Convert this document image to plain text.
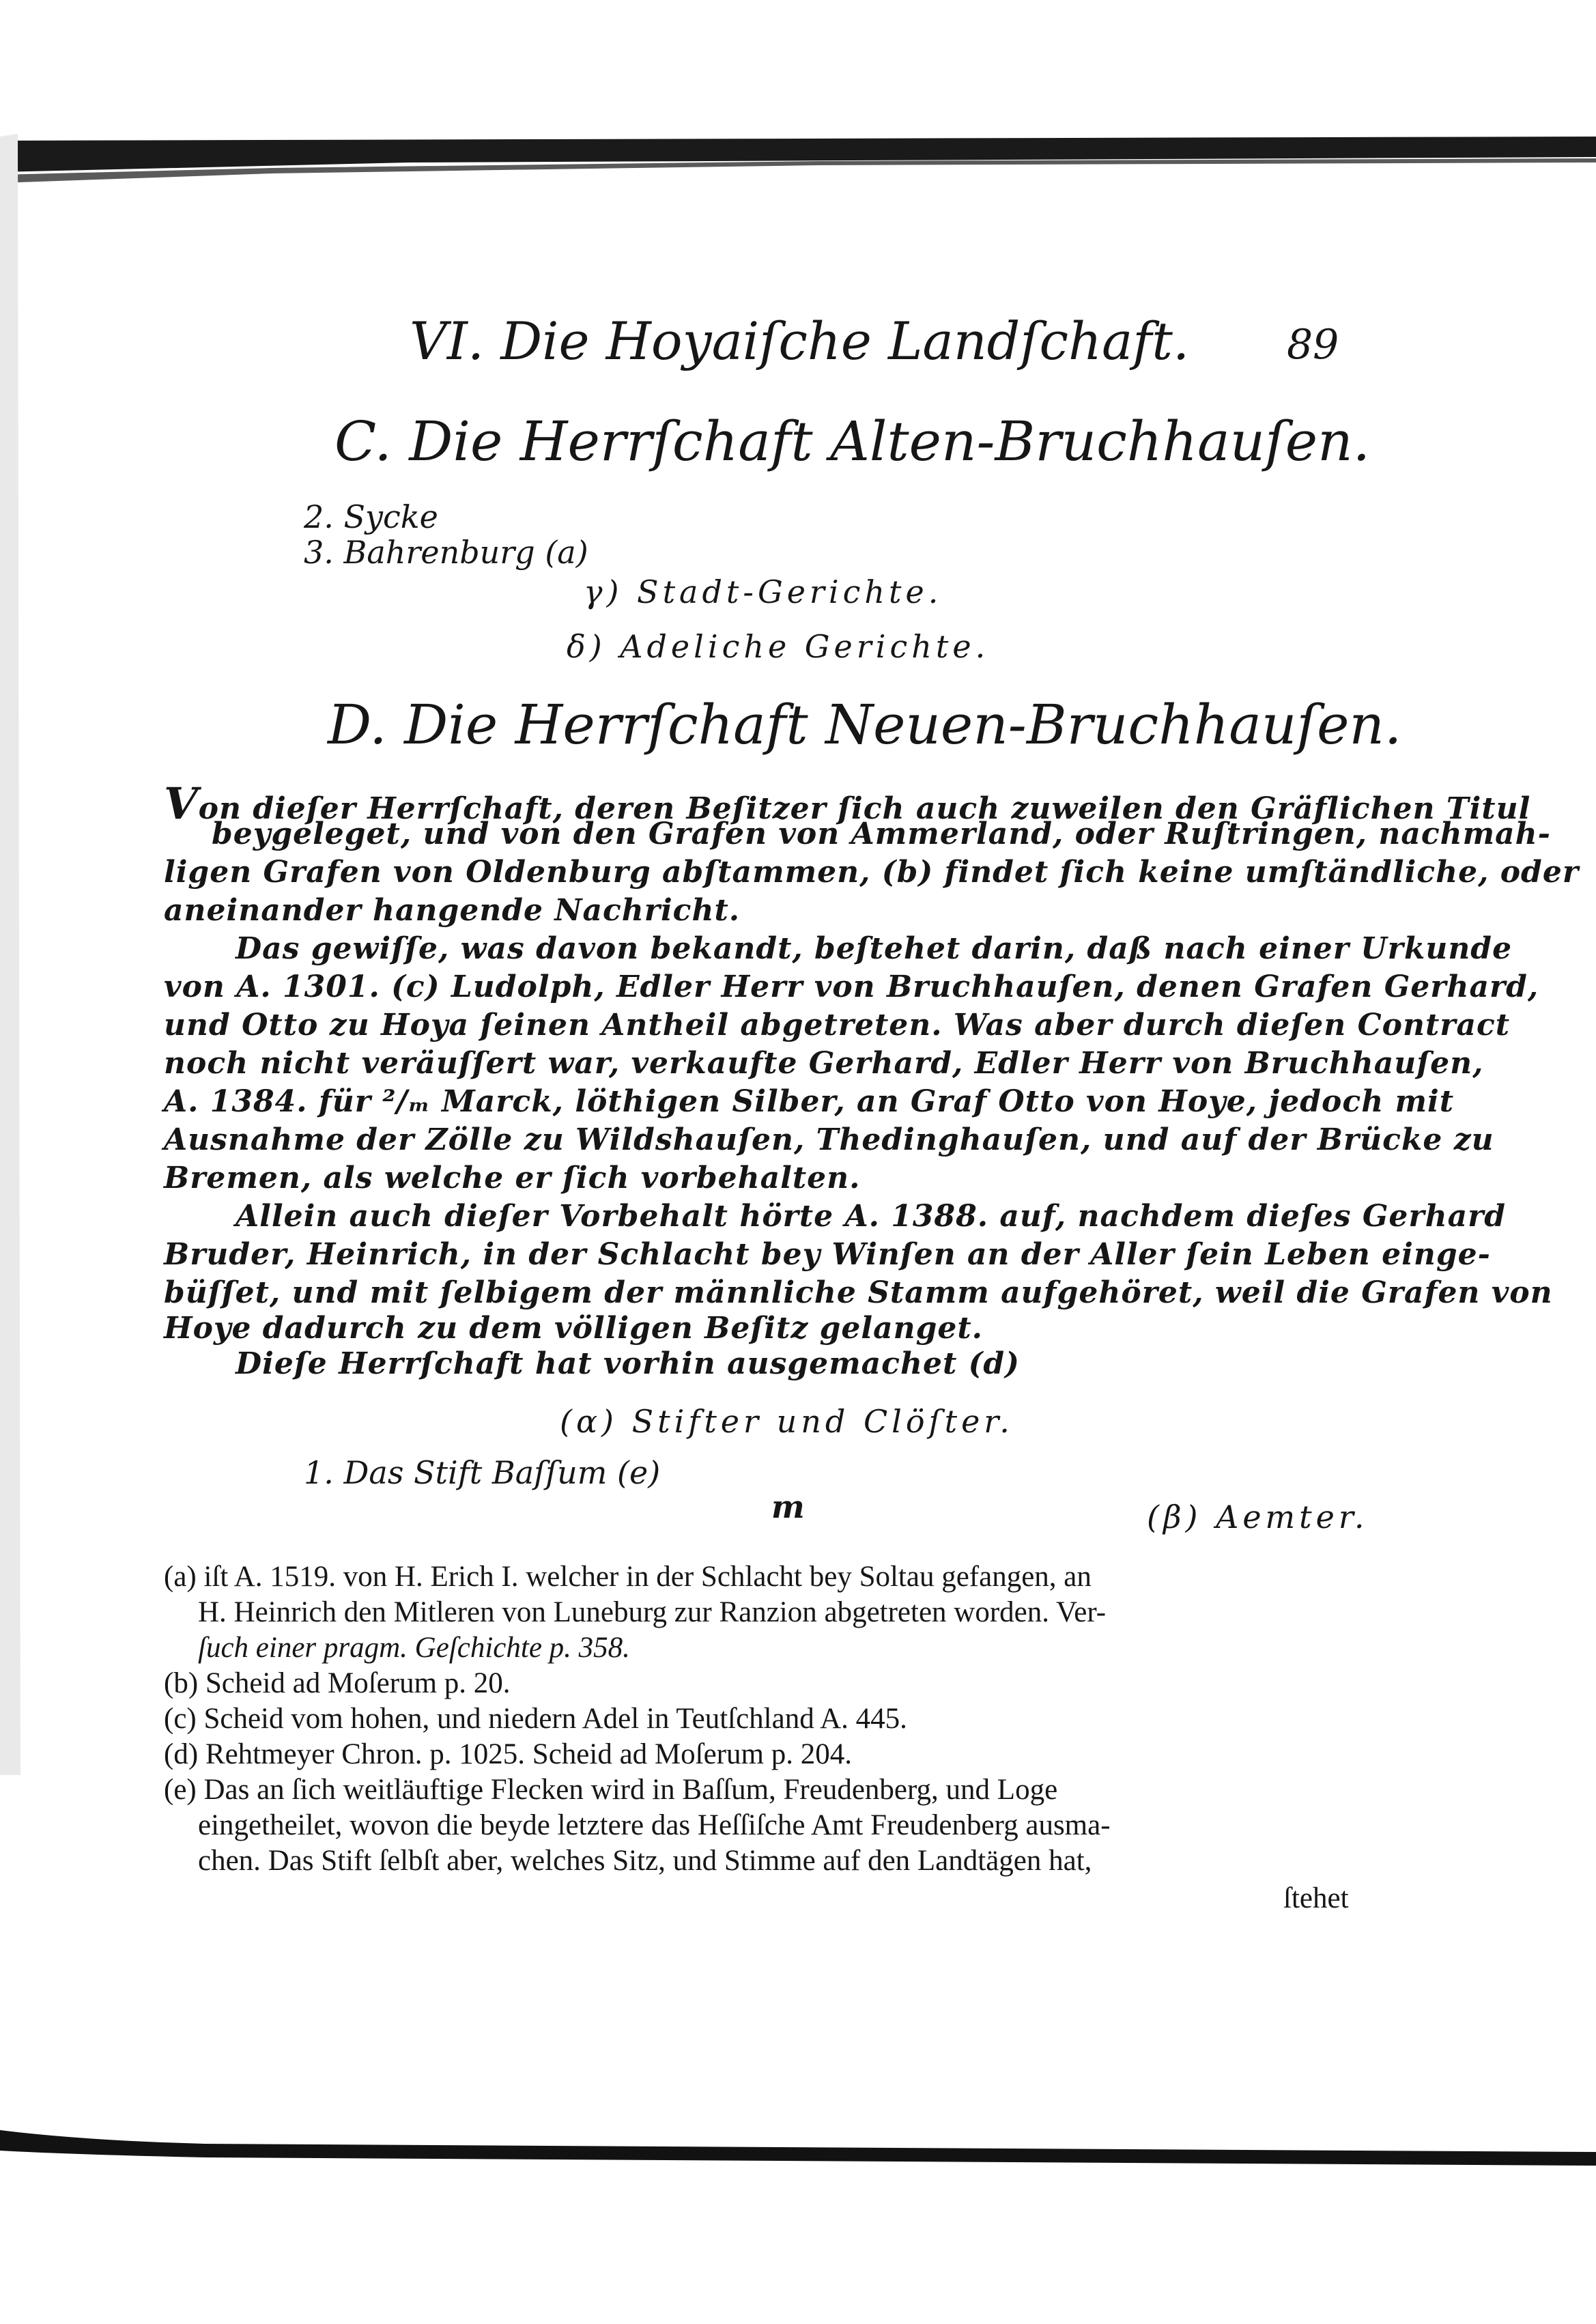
VI. Die Hoyaiſche Landſchaft. 89
C. Die Herrſchaft Alten-Bruchhauſen.
2. Sycke
3. Bahrenburg (a)
γ) Stadt-Gerichte.
δ) Adeliche Gerichte.
D. Die Herrſchaft Neuen-Bruchhauſen.
Von dieſer Herrſchaft, deren Beſitzer ſich auch zuweilen den Gräflichen Titul
beygeleget, und von den Grafen von Ammerland, oder Ruſtringen, nachmah-
ligen Grafen von Oldenburg abſtammen, (b) findet ſich keine umſtändliche, oder
aneinander hangende Nachricht.
Das gewiſſe, was davon bekandt, beſtehet darin, daß nach einer Urkunde
von A. 1301. (c) Ludolph, Edler Herr von Bruchhauſen, denen Grafen Gerhard,
und Otto zu Hoya ſeinen Antheil abgetreten. Was aber durch dieſen Contract
noch nicht veräuſſert war, verkaufte Gerhard, Edler Herr von Bruchhauſen,
A. 1384. für ²/ₘ Marck, löthigen Silber, an Graf Otto von Hoye, jedoch mit
Ausnahme der Zölle zu Wildshauſen, Thedinghauſen, und auf der Brücke zu
Bremen, als welche er ſich vorbehalten.
Allein auch dieſer Vorbehalt hörte A. 1388. auf, nachdem dieſes Gerhard
Bruder, Heinrich, in der Schlacht bey Winſen an der Aller ſein Leben einge-
büſſet, und mit ſelbigem der männliche Stamm aufgehöret, weil die Grafen von
Hoye dadurch zu dem völligen Beſitz gelanget.
Dieſe Herrſchaft hat vorhin ausgemachet (d)
(α) Stifter und Clöſter.
1. Das Stift Baſſum (e)
m	(β) Aemter.
(a) iſt A. 1519. von H. Erich I. welcher in der Schlacht bey Soltau gefangen, an
H. Heinrich den Mitleren von Luneburg zur Ranzion abgetreten worden. Ver-
ſuch einer pragm. Geſchichte p. 358.
(b) Scheid ad Moſerum p. 20.
(c) Scheid vom hohen, und niedern Adel in Teutſchland A. 445.
(d) Rehtmeyer Chron. p. 1025. Scheid ad Moſerum p. 204.
(e) Das an ſich weitläuftige Flecken wird in Baſſum, Freudenberg, und Loge
eingetheilet, wovon die beyde letztere das Heſſiſche Amt Freudenberg ausma-
chen. Das Stift ſelbſt aber, welches Sitz, und Stimme auf den Landtägen hat,
ſtehet
